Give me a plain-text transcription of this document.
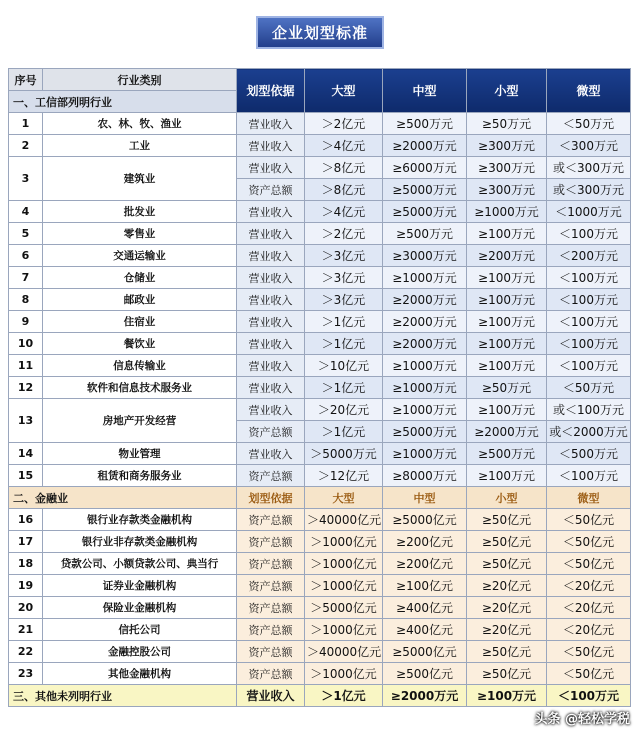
企业划型标准
序号	行业类别	划型依据	大型	中型	小型	微型
一、工信部列明行业						
1	农、林、牧、渔业	营业收入	＞2亿元	≥500万元	≥50万元	＜50万元
2	工业	营业收入	＞4亿元	≥2000万元	≥300万元	＜300万元
3	建筑业	营业收入	＞8亿元	≥6000万元	≥300万元	或＜300万元
		资产总额	＞8亿元	≥5000万元	≥300万元	或＜300万元
4	批发业	营业收入	＞4亿元	≥5000万元	≥1000万元	＜1000万元
5	零售业	营业收入	＞2亿元	≥500万元	≥100万元	＜100万元
6	交通运输业	营业收入	＞3亿元	≥3000万元	≥200万元	＜200万元
7	仓储业	营业收入	＞3亿元	≥1000万元	≥100万元	＜100万元
8	邮政业	营业收入	＞3亿元	≥2000万元	≥100万元	＜100万元
9	住宿业	营业收入	＞1亿元	≥2000万元	≥100万元	＜100万元
10	餐饮业	营业收入	＞1亿元	≥2000万元	≥100万元	＜100万元
11	信息传输业	营业收入	＞10亿元	≥1000万元	≥100万元	＜100万元
12	软件和信息技术服务业	营业收入	＞1亿元	≥1000万元	≥50万元	＜50万元
13	房地产开发经营	营业收入	＞20亿元	≥1000万元	≥100万元	或＜100万元
		资产总额	＞1亿元	≥5000万元	≥2000万元	或＜2000万元
14	物业管理	营业收入	＞5000万元	≥1000万元	≥500万元	＜500万元
15	租赁和商务服务业	资产总额	＞12亿元	≥8000万元	≥100万元	＜100万元
二、金融业		划型依据	大型	中型	小型	微型
16	银行业存款类金融机构	资产总额	＞40000亿元	≥5000亿元	≥50亿元	＜50亿元
17	银行业非存款类金融机构	资产总额	＞1000亿元	≥200亿元	≥50亿元	＜50亿元
18	贷款公司、小额贷款公司、典当行	资产总额	＞1000亿元	≥200亿元	≥50亿元	＜50亿元
19	证券业金融机构	资产总额	＞1000亿元	≥100亿元	≥20亿元	＜20亿元
20	保险业金融机构	资产总额	＞5000亿元	≥400亿元	≥20亿元	＜20亿元
21	信托公司	资产总额	＞1000亿元	≥400亿元	≥20亿元	＜20亿元
22	金融控股公司	资产总额	＞40000亿元	≥5000亿元	≥50亿元	＜50亿元
23	其他金融机构	资产总额	＞1000亿元	≥500亿元	≥50亿元	＜50亿元
三、其他未列明行业		营业收入	＞1亿元	≥2000万元	≥100万元	＜100万元
头条 @轻松学税
